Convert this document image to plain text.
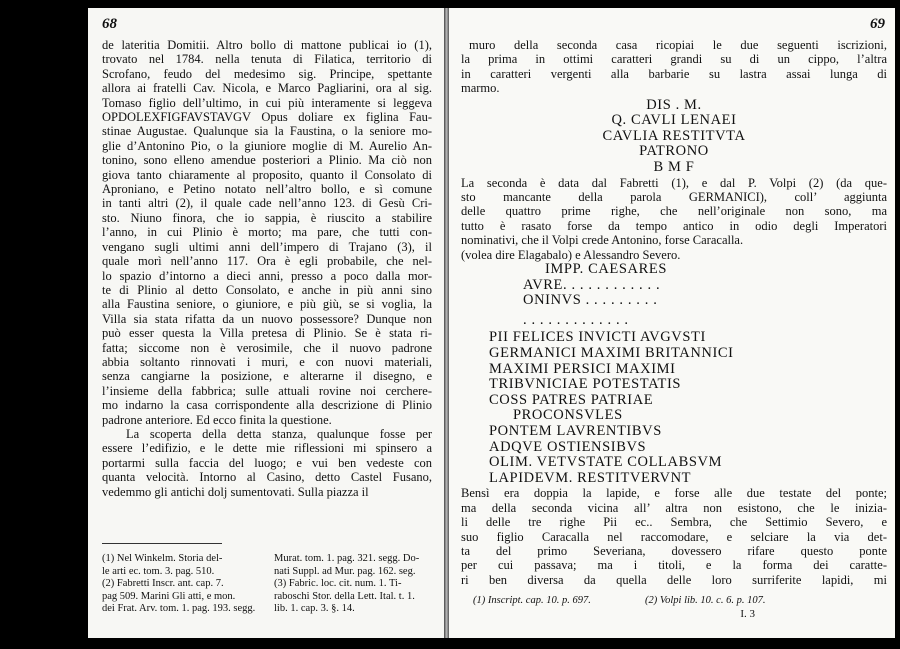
68
de lateritia Domitii. Altro bollo di mattone publicai io (1),
trovato nel 1784. nella tenuta di Filatica, territorio di
Scrofano, feudo del medesimo sig. Principe, spettante
allora ai fratelli Cav. Nicola, e Marco Pagliarini, ora al sig.
Tomaso figlio dell’ultimo, in cui più interamente si leggeva
OPDOLEXFIGFAVSTAVGV Opus doliare ex figlina Fau-
stinae Augustae. Qualunque sia la Faustina, o la seniore mo-
glie d’Antonino Pio, o la giuniore moglie di M. Aurelio An-
tonino, sono elleno amendue posteriori a Plinio. Ma ciò non
giova tanto chiaramente al proposito, quanto il Consolato di
Aproniano, e Petino notato nell’altro bollo, e sì comune
in tanti altri (2), il quale cade nell’anno 123. di Gesù Cri-
sto. Niuno finora, che io sappia, è riuscito a stabilire
l’anno, in cui Plinio è morto; ma pare, che tutti con-
vengano sugli ultimi anni dell’impero di Trajano (3), il
quale morì nell’anno 117. Ora è egli probabile, che nel-
lo spazio d’intorno a dieci anni, presso a poco dalla mor-
te di Plinio al detto Consolato, e anche in più anni sino
alla Faustina seniore, o giuniore, e più giù, se si voglia, la
Villa sia stata rifatta da un nuovo possessore? Dunque non
può esser questa la Villa pretesa di Plinio. Se è stata ri-
fatta; siccome non è verosimile, che il nuovo padrone
abbia soltanto rinnovati i muri, e con nuovi materiali,
senza cangiarne la posizione, e alterarne il disegno, e
l’insieme della fabbrica; sulle attuali rovine noi cerchere-
mo indarno la casa corrispondente alla descrizione di Plinio
padrone anteriore. Ed ecco finita la questione.
La scoperta della detta stanza, qualunque fosse per
essere l’edifizio, e le dette mie riflessioni mi spinsero a
portarmi sulla faccia del luogo; e vui ben vedeste con
quanta velocità. Intorno al Casino, detto Castel Fusano,
vedemmo gli antichi dolj sumentovati. Sulla piazza il
(1) Nel Winkelm. Storia del-
le arti ec. tom. 3. pag. 510.
(2) Fabretti Inscr. ant. cap. 7.
pag 509. Marini Gli atti, e mon.
dei Frat. Arv. tom. 1. pag. 193. segg.
Murat. tom. 1. pag. 321. segg. Do-
nati Suppl. ad Mur. pag. 162. seg.
(3) Fabric. loc. cit. num. 1. Ti-
raboschi Stor. della Lett. Ital. t. 1.
lib. 1. cap. 3. §. 14.
69
muro della seconda casa ricopiai le due seguenti iscrizioni,
la prima in ottimi caratteri grandi su di un cippo, l’altra
in caratteri vergenti alla barbarie su lastra assai lunga di
marmo.
DIS . M.
Q. CAVLI LENAEI
CAVLIA RESTITVTA
PATRONO
B M F
La seconda è data dal Fabretti (1), e dal P. Volpi (2) (da que-
sto mancante della parola GERMANICI), coll’ aggiunta
delle quattro prime righe, che nell’originale non sono, ma
tutto è rasato forse da tempo antico in odio degli Imperatori
nominativi, che il Volpi crede Antonino, forse Caracalla.
(volea dire Elagabalo) e Alessandro Severo.
IMPP. CAESARES
AVRE. . . . . . . . . . . .
ONINVS . . . . . . . . .
. . . . . . . . . . . . .
PII FELICES INVICTI AVGVSTI
GERMANICI MAXIMI BRITANNICI
MAXIMI PERSICI MAXIMI
TRIBVNICIAE POTESTATIS
COSS PATRES PATRIAE
PROCONSVLES
PONTEM LAVRENTIBVS
ADQVE OSTIENSIBVS
OLIM. VETVSTATE COLLABSVM
LAPIDEVM. RESTITVERVNT
Bensì era doppia la lapide, e forse alle due testate del ponte;
ma della seconda vicina all’ altra non esistono, che le inizia-
li delle tre righe Pii ec.. Sembra, che Settimio Severo, e
suo figlio Caracalla nel raccomodare, e selciare la via det-
ta del primo Severiana, dovessero rifare questo ponte
per cui passava; ma i titoli, e la forma dei caratte-
ri ben diversa da quella delle loro surriferite lapidi, mi
(1) Inscript. cap. 10. p. 697.	(2) Volpi lib. 10. c. 6. p. 107.
I. 3
